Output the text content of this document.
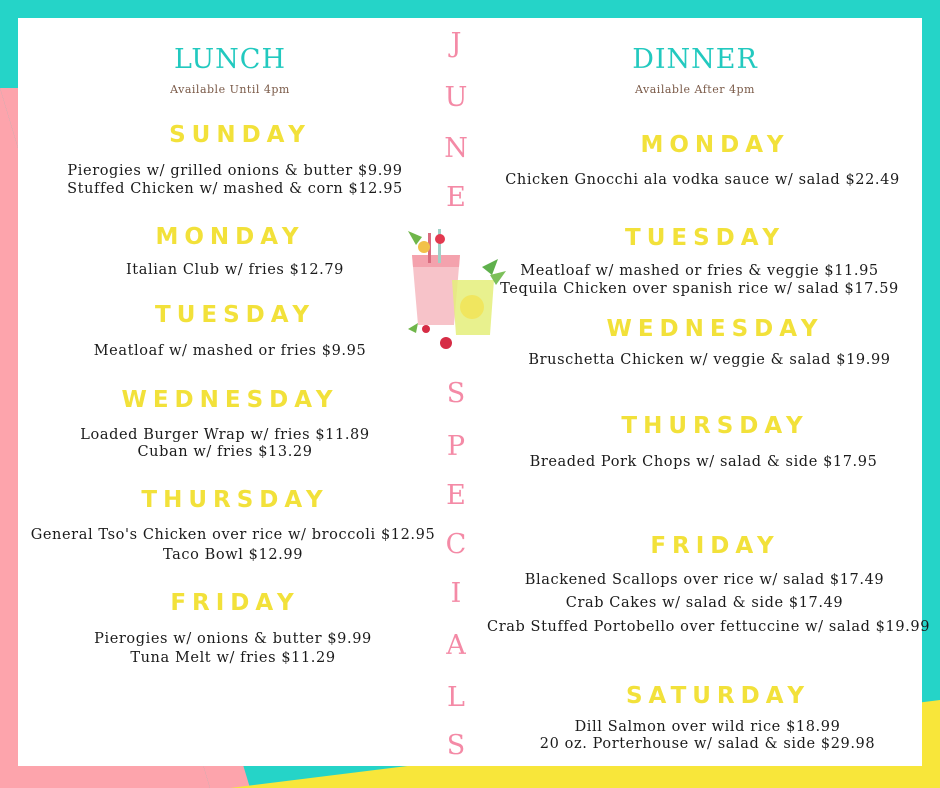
LUNCH
Available Until 4pm
DINNER
Available After 4pm
SUNDAY
Pierogies w/ grilled onions & butter $9.99
Stuffed Chicken w/ mashed & corn $12.95
MONDAY
Italian Club w/ fries $12.79
TUESDAY
Meatloaf w/ mashed or fries $9.95
WEDNESDAY
Loaded Burger Wrap w/ fries $11.89
Cuban w/ fries $13.29
THURSDAY
General Tso's Chicken over rice w/ broccoli $12.95
Taco Bowl $12.99
FRIDAY
Pierogies w/ onions & butter $9.99
Tuna Melt w/ fries $11.29
J
U
N
E
S
P
E
C
I
A
L
S
MONDAY
Chicken Gnocchi ala vodka sauce w/ salad $22.49
TUESDAY
Meatloaf w/ mashed or fries & veggie $11.95
Tequila Chicken over spanish rice w/ salad $17.59
WEDNESDAY
Bruschetta Chicken w/ veggie & salad $19.99
THURSDAY
Breaded Pork Chops w/ salad & side $17.95
FRIDAY
Blackened Scallops over rice w/ salad $17.49
Crab Cakes w/ salad & side $17.49
Crab Stuffed Portobello over fettuccine w/ salad $19.99
SATURDAY
Dill Salmon over wild rice $18.99
20 oz. Porterhouse w/ salad & side $29.98
